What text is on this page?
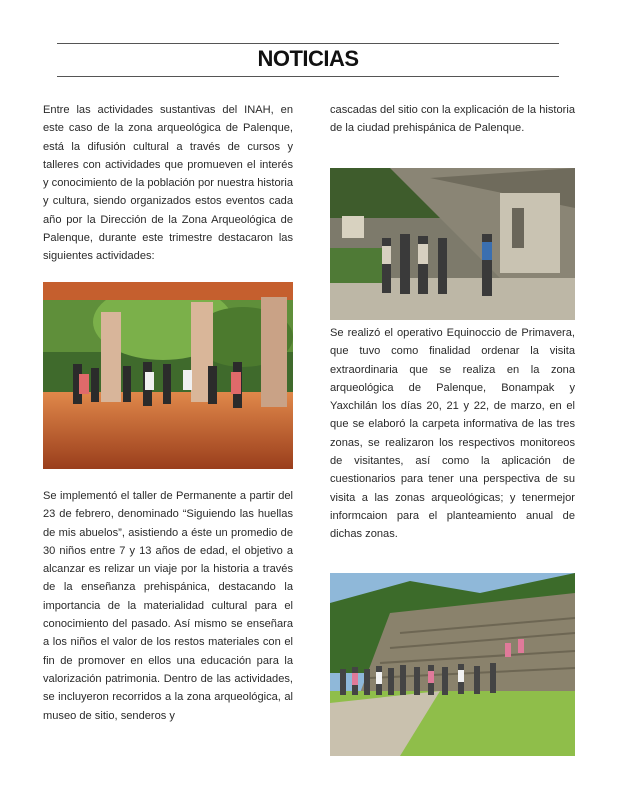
NOTICIAS

Entre las actividades sustantivas del INAH, en este caso de la zona arqueológica de Palenque, está la difusión cultural a través de cursos y talleres con actividades que promueven el interés y conocimiento de la población por nuestra historia y cultura, siendo organizados estos eventos cada año por la Dirección de la Zona Arqueológica de Palenque, durante este trimestre destacaron las siguientes actividades:

Se implementó el taller de Permanente a partir del 23 de febrero, denominado “Siguiendo las huellas de mis abuelos”, asistiendo a éste un promedio de 30 niños entre 7 y 13 años de edad, el objetivo a alcanzar es relizar un viaje por la historia a través de la enseñanza prehispánica, destacando la importancia de la materialidad cultural para el conocimiento del pasado. Así mismo se enseñara a los niños el valor de los restos materiales con el fin de promover en ellos una educación para la valorización patrimonia. Dentro de las actividades, se incluyeron recorridos a la zona arqueológica, al museo de sitio, senderos y

cascadas del sitio con la explicación de la historia de la ciudad prehispánica de Palenque.

Se realizó el operativo Equinoccio de Primavera, que tuvo como finalidad ordenar la visita extraordinaria que se realiza en la zona arqueológica de Palenque, Bonampak y Yaxchilán los días 20, 21 y 22, de marzo, en el que se elaboró la carpeta informativa de las tres zonas, se realizaron los respectivos monitoreos de visitantes, así como la aplicación de cuestionarios para tener una perspectiva de su visita a las zonas arqueológicas; y tenermejor informcaion para el planteamiento anual de dichas zonas.
